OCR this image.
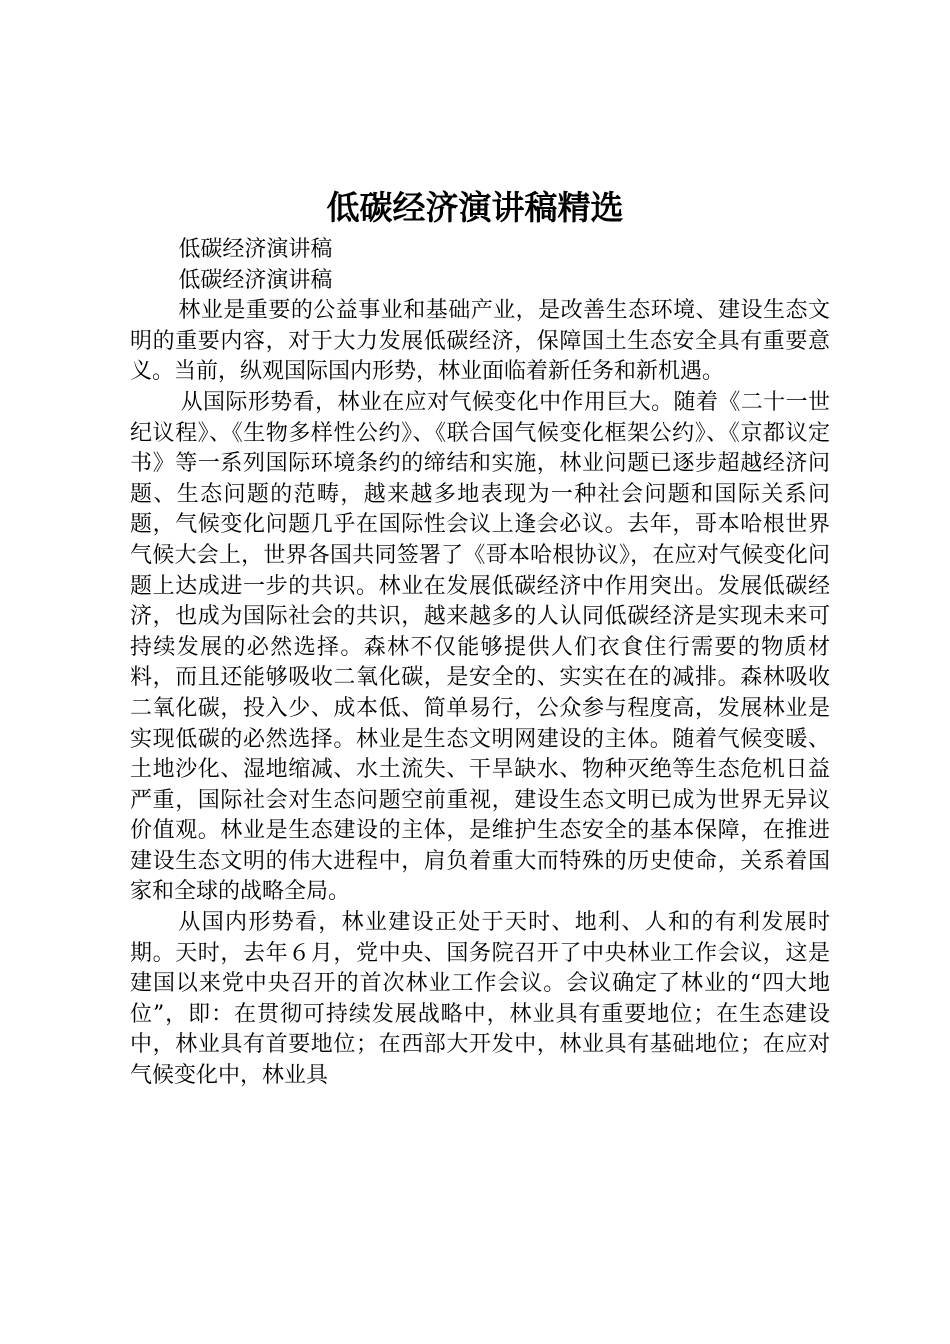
低碳经济演讲稿精选

低碳经济演讲稿

低碳经济演讲稿

林业是重要的公益事业和基础产业，是改善生态环境、建设生态文明的重要内容，对于大力发展低碳经济，保障国土生态安全具有重要意义。当前，纵观国际国内形势，林业面临着新任务和新机遇。

从国际形势看，林业在应对气候变化中作用巨大。随着《二十一世纪议程》、《生物多样性公约》、《联合国气候变化框架公约》、《京都议定书》等一系列国际环境条约的缔结和实施，林业问题已逐步超越经济问题、生态问题的范畴，越来越多地表现为一种社会问题和国际关系问题，气候变化问题几乎在国际性会议上逢会必议。去年，哥本哈根世界气候大会上，世界各国共同签署了《哥本哈根协议》，在应对气候变化问题上达成进一步的共识。林业在发展低碳经济中作用突出。发展低碳经济，也成为国际社会的共识，越来越多的人认同低碳经济是实现未来可持续发展的必然选择。森林不仅能够提供人们衣食住行需要的物质材料，而且还能够吸收二氧化碳，是安全的、实实在在的减排。森林吸收二氧化碳，投入少、成本低、简单易行，公众参与程度高，发展林业是实现低碳的必然选择。林业是生态文明网建设的主体。随着气候变暖、土地沙化、湿地缩减、水土流失、干旱缺水、物种灭绝等生态危机日益严重，国际社会对生态问题空前重视，建设生态文明已成为世界无异议价值观。林业是生态建设的主体，是维护生态安全的基本保障，在推进建设生态文明的伟大进程中，肩负着重大而特殊的历史使命，关系着国家和全球的战略全局。

从国内形势看，林业建设正处于天时、地利、人和的有利发展时期。天时，去年６月，党中央、国务院召开了中央林业工作会议，这是建国以来党中央召开的首次林业工作会议。会议确定了林业的“四大地位”，即：在贯彻可持续发展战略中，林业具有重要地位；在生态建设中，林业具有首要地位；在西部大开发中，林业具有基础地位；在应对气候变化中，林业具
